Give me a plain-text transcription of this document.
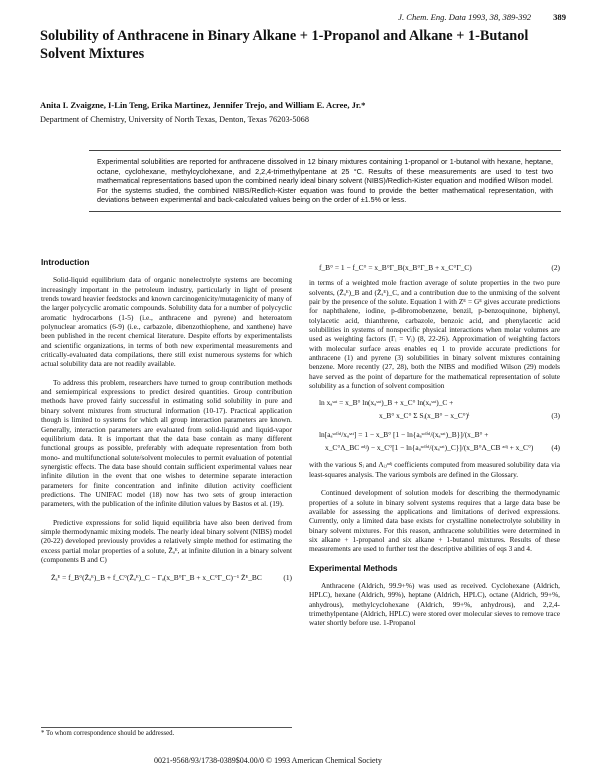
J. Chem. Eng. Data 1993, 38, 389-392	389
Solubility of Anthracene in Binary Alkane + 1-Propanol and Alkane + 1-Butanol Solvent Mixtures
Anita I. Zvaigzne, I-Lin Teng, Erika Martinez, Jennifer Trejo, and William E. Acree, Jr.*
Department of Chemistry, University of North Texas, Denton, Texas 76203-5068
Experimental solubilities are reported for anthracene dissolved in 12 binary mixtures containing 1-propanol or 1-butanol with hexane, heptane, octane, cyclohexane, methylcyclohexane, and 2,2,4-trimethylpentane at 25 °C. Results of these measurements are used to test two mathematical representations based upon the combined nearly ideal binary solvent (NIBS)/Redlich-Kister equation and modified Wilson model. For the systems studied, the combined NIBS/Redlich-Kister equation was found to provide the better mathematical representation, with deviations between experimental and back-calculated values being on the order of ±1.5% or less.
Introduction

Solid-liquid equilibrium data of organic nonelectrolyte systems are becoming increasingly important in the petroleum industry, particularly in light of present trends toward heavier feedstocks and known carcinogenicity/mutagenicity of many of the larger polycyclic aromatic compounds. Solubility data for a number of polycyclic aromatic hydrocarbons (1-5) (i.e., anthracene and pyrene) and heteroatom polynuclear aromatics (6-9) (i.e., carbazole, dibenzothiophene, and xanthene) have been published in the recent chemical literature. Despite efforts by experimentalists and scientific organizations, in terms of both new experimental measurements and critically-evaluated data compilations, there still exist numerous systems for which actual solubility data are not readily available.

To address this problem, researchers have turned to group contribution methods and semiempirical expressions to predict desired quantities. Group contribution methods have proved fairly successful in estimating solid solubility in pure and binary solvent mixtures from structural information (10-17). Practical application though is limited to systems for which all group interaction parameters are known. Generally, interaction parameters are evaluated from solid-liquid and liquid-vapor equilibrium data. It is important that the data base contain as many different functional groups as possible, preferably with adequate representation from both mono- and multifunctional solute/solvent molecules to permit evaluation of potential synergistic effects. The data base should contain sufficient experimental values near infinite dilution in the event that one wishes to determine separate interaction parameters for finite concentration and infinite dilution activity coefficient predictions. The UNIFAC model (18) now has two sets of group interaction parameters, with the publication of the infinite dilution values by Bastos et al. (19).

Predictive expressions for solid liquid equilibria have also been derived from simple thermodynamic mixing models. The nearly ideal binary solvent (NIBS) model (20-22) developed previously provides a relatively simple method for estimating the excess partial molar properties of a solute, Z̄ₐᴱ, at infinite dilution in a binary solvent (components B and C)

Z̄ₐᴱ = f_B°(Z̄ₐᴱ)_B + f_C°(Z̄ₐᴱ)_C − Γₐ(x_B°Γ_B + x_C°Γ_C)⁻¹ Z̄ᴱ_BC	(1)
f_B° = 1 − f_C° = x_B°Γ_B(x_B°Γ_B + x_C°Γ_C)	(2)

in terms of a weighted mole fraction average of solute properties in the two pure solvents, (Z̄ₐᴱ)_B and (Z̄ₐᴱ)_C, and a contribution due to the unmixing of the solvent pair by the presence of the solute. Equation 1 with Zᴱ = Gᴱ gives accurate predictions for naphthalene, iodine, p-dibromobenzene, benzil, p-benzoquinone, biphenyl, tolylacetic acid, thianthrene, carbazole, benzoic acid, and phenylacetic acid solubilities in systems of nonspecific physical interactions when molar volumes are used as weighting factors (Γᵢ = Vᵢ) (8, 22-26). Approximation of weighting factors with molecular surface areas enables eq 1 to provide accurate predictions for anthracene (1) and pyrene (3) solubilities in binary solvent mixtures containing benzene. More recently (27, 28), both the NIBS and modified Wilson (29) models have served as the point of departure for the mathematical representation of solute solubility as a function of solvent composition

ln xₐˢᵃᵗ = x_B° ln(xₐˢᵃᵗ)_B + x_C° ln(xₐˢᵃᵗ)_C +
x_B° x_C° Σ Sᵢ(x_B° − x_C°)ⁱ	(3)
ln[aₐˢᵒˡⁱᵈ/xₐˢᵃᵗ] = 1 − x_B° [1 − ln{aₐˢᵒˡⁱᵈ/(xₐˢᵃᵗ)_B}]/(x_B° +
x_C°Λ_BC ᵃᵈʲ) − x_C°[1 − ln{aₐˢᵒˡⁱᵈ/(xₐˢᵃᵗ)_C}]/(x_B°Λ_CB ᵃᵈʲ + x_C°)	(4)

with the various Sᵢ and Λᵢⱼᵃᵈʲ coefficients computed from measured solubility data via least-squares analysis. The various symbols are defined in the Glossary.

Continued development of solution models for describing the thermodynamic properties of a solute in binary solvent systems requires that a large data base be available for assessing the applications and limitations of derived expressions. Currently, only a limited data base exists for crystalline nonelectrolyte solubility in binary solvent mixtures. For this reason, anthracene solubilities were determined in six alkane + 1-propanol and six alkane + 1-butanol mixtures. Results of these measurements are used to further test the descriptive abilities of eqs 3 and 4.

Experimental Methods

Anthracene (Aldrich, 99.9+%) was used as received. Cyclohexane (Aldrich, HPLC), hexane (Aldrich, 99%), heptane (Aldrich, HPLC), octane (Aldrich, 99+%, anhydrous), methylcyclohexane (Aldrich, 99+%, anhydrous), and 2,2,4-trimethylpentane (Aldrich, HPLC) were stored over molecular sieves to remove trace water shortly before use. 1-Propanol

* To whom correspondence should be addressed.
0021-9568/93/1738-0389$04.00/0 © 1993 American Chemical Society
